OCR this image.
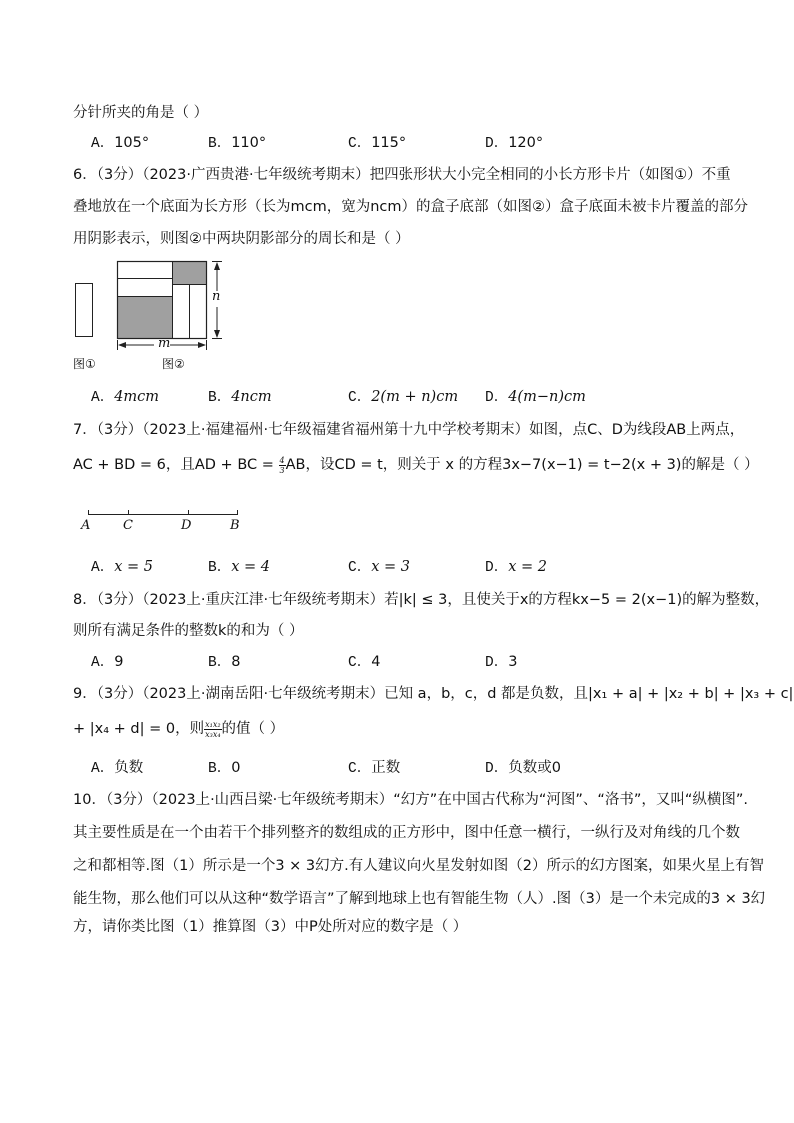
分针所夹的角是（ ）
A．105°	B．110°	C．115°	D．120°
6．（3分）（2023·广西贵港·七年级统考期末）把四张形状大小完全相同的小长方形卡片（如图①）不重
叠地放在一个底面为长方形（长为mcm，宽为ncm）的盒子底部（如图②）盒子底面未被卡片覆盖的部分
用阴影表示，则图②中两块阴影部分的周长和是（ ）
n
m
图①	图②
A．4mcm	B．4ncm	C．2(m + n)cm D．4(m−n)cm
7．（3分）（2023上·福建福州·七年级福建省福州第十九中学校考期末）如图，点C、D为线段AB上两点，
AC + BD = 6，且AD + BC = $\frac{4}{3}$ AB，设CD = t，则关于 x 的方程3x−7(x−1) = t−2(x + 3)的解是（ ）
A	C	D	B
A．x = 5	B．x = 4	C．x = 3	D．x = 2
8．（3分）（2023上·重庆江津·七年级统考期末）若|k| ≤ 3，且使关于x的方程kx−5 = 2(x−1)的解为整数，
则所有满足条件的整数k的和为（ ）
A．9	B．8	C．4	D．3
9．（3分）（2023上·湖南岳阳·七年级统考期末）已知 a，b，c，d 都是负数，且|x₁ + a| + |x₂ + b| + |x₃ + c|
+ |x₄ + d| = 0，则 $\frac{\text{x₁x₂}}{\text{x₃x₄}}$ 的值（ ）
A．负数	B．0	C．正数	D．负数或0
10．（3分）（2023上·山西吕梁·七年级统考期末）“幻方”在中国古代称为“河图”、“洛书”，又叫“纵横图”.
其主要性质是在一个由若干个排列整齐的数组成的正方形中，图中任意一横行，一纵行及对角线的几个数
之和都相等.图（1）所示是一个3 × 3幻方.有人建议向火星发射如图（2）所示的幻方图案，如果火星上有智
能生物，那么他们可以从这种“数学语言”了解到地球上也有智能生物（人）.图（3）是一个未完成的3 × 3幻
方，请你类比图（1）推算图（3）中P处所对应的数字是（ ）
